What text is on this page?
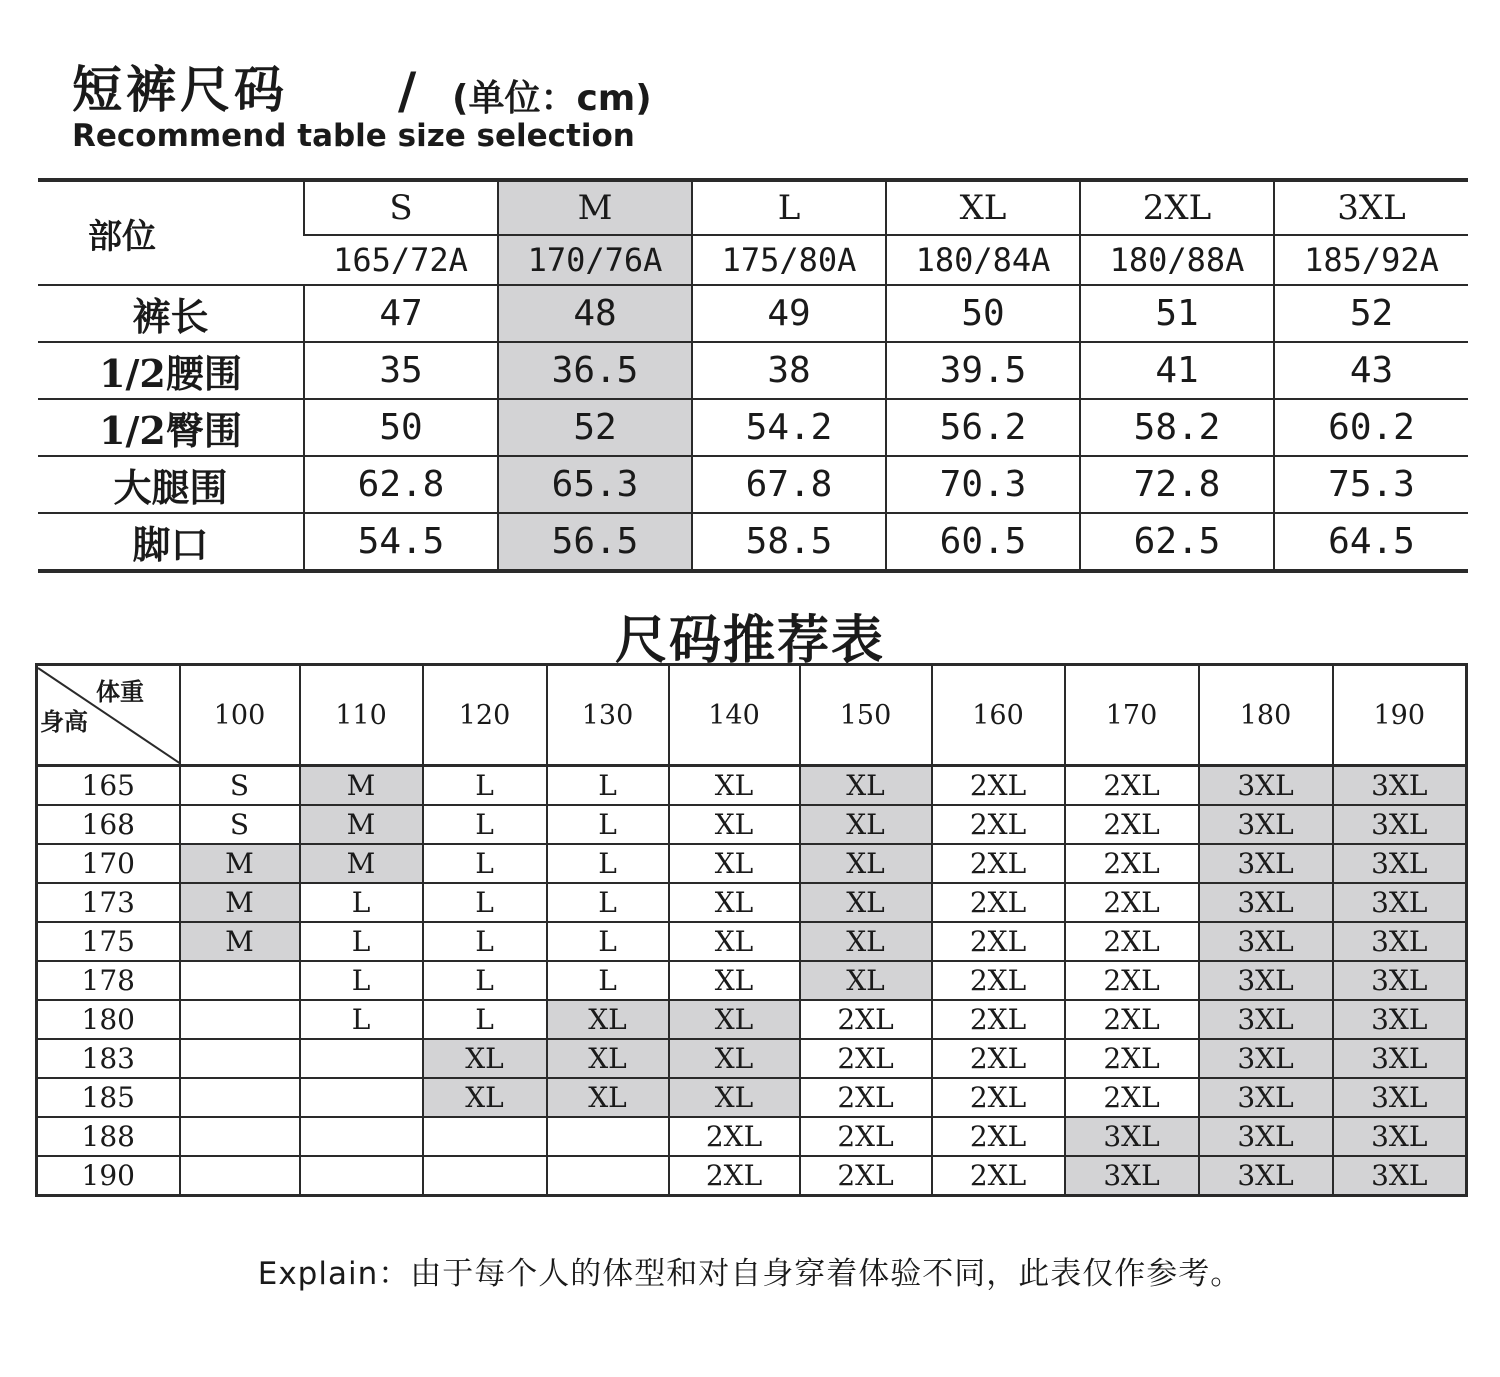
短裤尺码 / (单位：cm)
Recommend table size selection
部位	S	M	L	XL	2XL	3XL
	165/72A	170/76A	175/80A	180/84A	180/88A	185/92A
裤长	47	48	49	50	51	52
1/2腰围	35	36.5	38	39.5	41	43
1/2臀围	50	52	54.2	56.2	58.2	60.2
大腿围	62.8	65.3	67.8	70.3	72.8	75.3
脚口	54.5	56.5	58.5	60.5	62.5	64.5
尺码推荐表
体重
身高	100	110	120	130	140	150	160	170	180	190
165	S	M	L	L	XL	XL	2XL	2XL	3XL	3XL
168	S	M	L	L	XL	XL	2XL	2XL	3XL	3XL
170	M	M	L	L	XL	XL	2XL	2XL	3XL	3XL
173	M	L	L	L	XL	XL	2XL	2XL	3XL	3XL
175	M	L	L	L	XL	XL	2XL	2XL	3XL	3XL
178		L	L	L	XL	XL	2XL	2XL	3XL	3XL
180		L	L	XL	XL	2XL	2XL	2XL	3XL	3XL
183			XL	XL	XL	2XL	2XL	2XL	3XL	3XL
185			XL	XL	XL	2XL	2XL	2XL	3XL	3XL
188					2XL	2XL	2XL	3XL	3XL	3XL
190					2XL	2XL	2XL	3XL	3XL	3XL
Explain：由于每个人的体型和对自身穿着体验不同，此表仅作参考。
